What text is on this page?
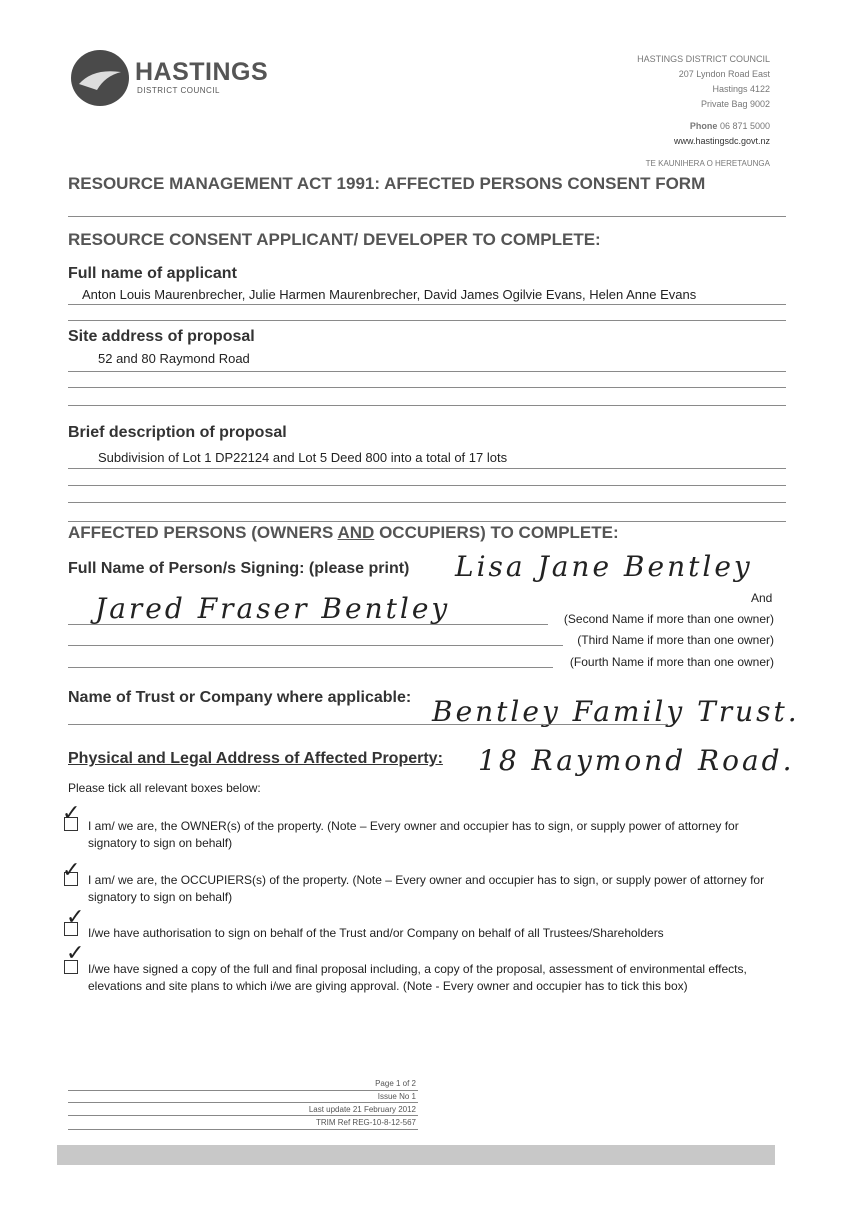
HASTINGS
DISTRICT COUNCIL
HASTINGS DISTRICT COUNCIL
207 Lyndon Road East
Hastings 4122
Private Bag 9002
Phone 06 871 5000
www.hastingsdc.govt.nz
TE KAUNIHERA O HERETAUNGA
RESOURCE MANAGEMENT ACT 1991: AFFECTED PERSONS CONSENT FORM
RESOURCE CONSENT APPLICANT/ DEVELOPER TO COMPLETE:
Full name of applicant
Anton Louis Maurenbrecher, Julie Harmen Maurenbrecher, David James Ogilvie Evans, Helen Anne Evans
Site address of proposal
52 and 80 Raymond Road
Brief description of proposal
Subdivision of Lot 1 DP22124 and Lot 5 Deed 800 into a total of 17 lots
AFFECTED PERSONS (OWNERS AND OCCUPIERS) TO COMPLETE:
Full Name of Person/s Signing: (please print) Lisa Jane Bentley
And
Jared Fraser Bentley	(Second Name if more than one owner)
(Third Name if more than one owner)
(Fourth Name if more than one owner)
Name of Trust or Company where applicable: Bentley Family Trust.
Physical and Legal Address of Affected Property: 18 Raymond Road.
Please tick all relevant boxes below:
✓ I am/ we are, the OWNER(s) of the property. (Note – Every owner and occupier has to sign, or supply power of attorney for signatory to sign on behalf)
✓ I am/ we are, the OCCUPIERS(s) of the property. (Note – Every owner and occupier has to sign, or supply power of attorney for signatory to sign on behalf)
✓
I/we have authorisation to sign on behalf of the Trust and/or Company on behalf of all Trustees/Shareholders
✓
I/we have signed a copy of the full and final proposal including, a copy of the proposal, assessment of environmental effects, elevations and site plans to which i/we are giving approval. (Note - Every owner and occupier has to tick this box)
Page 1 of 2
Issue No 1
Last update 21 February 2012
TRIM Ref REG-10-8-12-567
